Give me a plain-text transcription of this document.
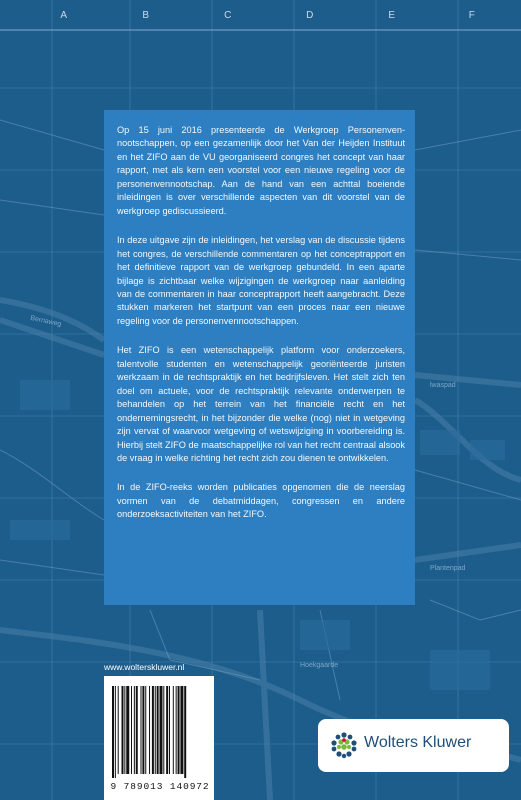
A	B	C	D	E	F
Bernaweg
lwaspad
Plantenpad
Hoekgaarde

Op 15 juni 2016 presenteerde de Werkgroep Personenvennootschappen, op een gezamenlijk door het Van der Heijden Instituut en het ZIFO aan de VU georganiseerd congres het concept van haar rapport, met als kern een voorstel voor een nieuwe regeling voor de personenvennootschap. Aan de hand van een achttal boeiende inleidingen is over verschillende aspecten van dit voorstel van de werkgroep gediscussieerd.

In deze uitgave zijn de inleidingen, het verslag van de discussie tijdens het congres, de verschillende commentaren op het conceptrapport en het definitieve rapport van de werkgroep gebundeld. In een aparte bijlage is zichtbaar welke wijzigingen de werkgroep naar aanleiding van de commentaren in haar conceptrapport heeft aangebracht. Deze stukken markeren het startpunt van een proces naar een nieuwe regeling voor de personenvennootschappen.

Het ZIFO is een wetenschappelijk platform voor onderzoekers, talentvolle studenten en wetenschappelijk georiënteerde juristen werkzaam in de rechtspraktijk en het bedrijfsleven. Het stelt zich ten doel om actuele, voor de rechtspraktijk relevante onderwerpen te behandelen op het terrein van het financiële recht en het ondernemingsrecht, in het bijzonder die welke (nog) niet in wetgeving zijn vervat of waarvoor wetgeving of wetswijziging in voorbereiding is. Hierbij stelt ZIFO de maatschappelijke rol van het recht centraal alsook de vraag in welke richting het recht zich zou dienen te ontwikkelen.

In de ZIFO-reeks worden publicaties opgenomen die de neerslag vormen van de debatmiddagen, congressen en andere onderzoeksactiviteiten van het ZIFO.

www.wolterskluwer.nl
9 789013 140972
Wolters Kluwer
